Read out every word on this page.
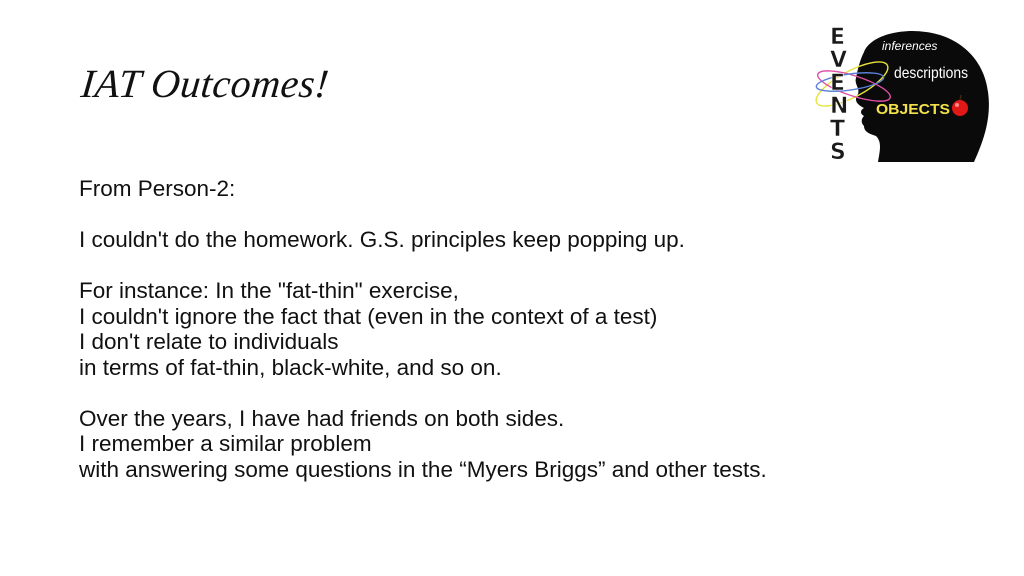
IAT Outcomes!

From Person-2:

I couldn't do the homework. G.S. principles keep popping up.

For instance: In the "fat-thin" exercise,
I couldn't ignore the fact that (even in the context of a test)
I don't relate to individuals
in terms of fat-thin, black-white, and so on.

Over the years, I have had friends on both sides.
I remember a similar problem
with answering some questions in the “Myers Briggs” and other tests.

E
V
E
N
T
S
inferences
descriptions
OBJECTS
